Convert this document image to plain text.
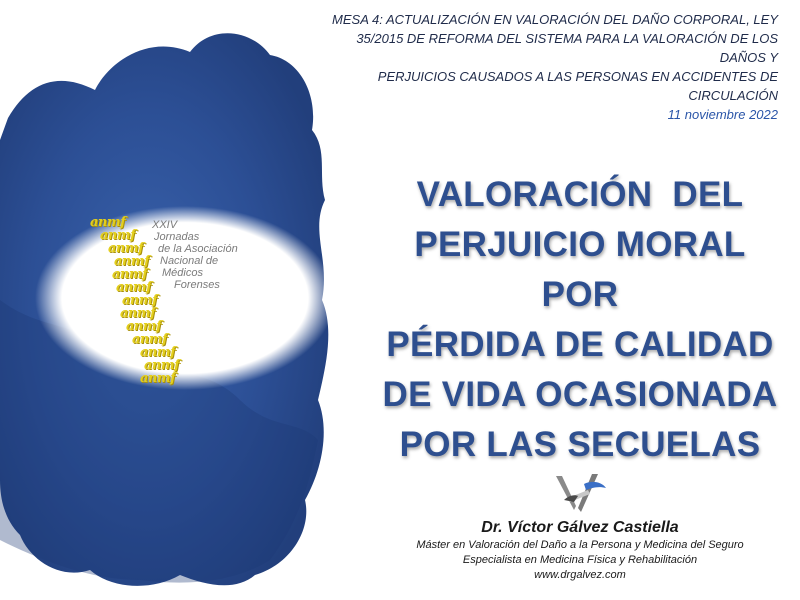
anmf
anmf
anmf
anmf
anmf
anmf
anmf
anmf
anmf
anmf
anmf
anmf
anmf
XXIV
Jornadas
de la Asociación
Nacional de
Médicos
Forenses
MESA 4: ACTUALIZACIÓN EN VALORACIÓN DEL DAÑO CORPORAL, LEY
35/2015 DE REFORMA DEL SISTEMA PARA LA VALORACIÓN DE LOS DAÑOS Y
PERJUICIOS CAUSADOS A LAS PERSONAS EN ACCIDENTES DE CIRCULACIÓN
11 noviembre 2022
VALORACIÓN  DEL
PERJUICIO MORAL POR
PÉRDIDA DE CALIDAD
DE VIDA OCASIONADA
POR LAS SECUELAS
Dr. Víctor Gálvez Castiella
Máster en Valoración del Daño a la Persona y Medicina del Seguro
Especialista en Medicina Física y Rehabilitación
www.drgalvez.com
